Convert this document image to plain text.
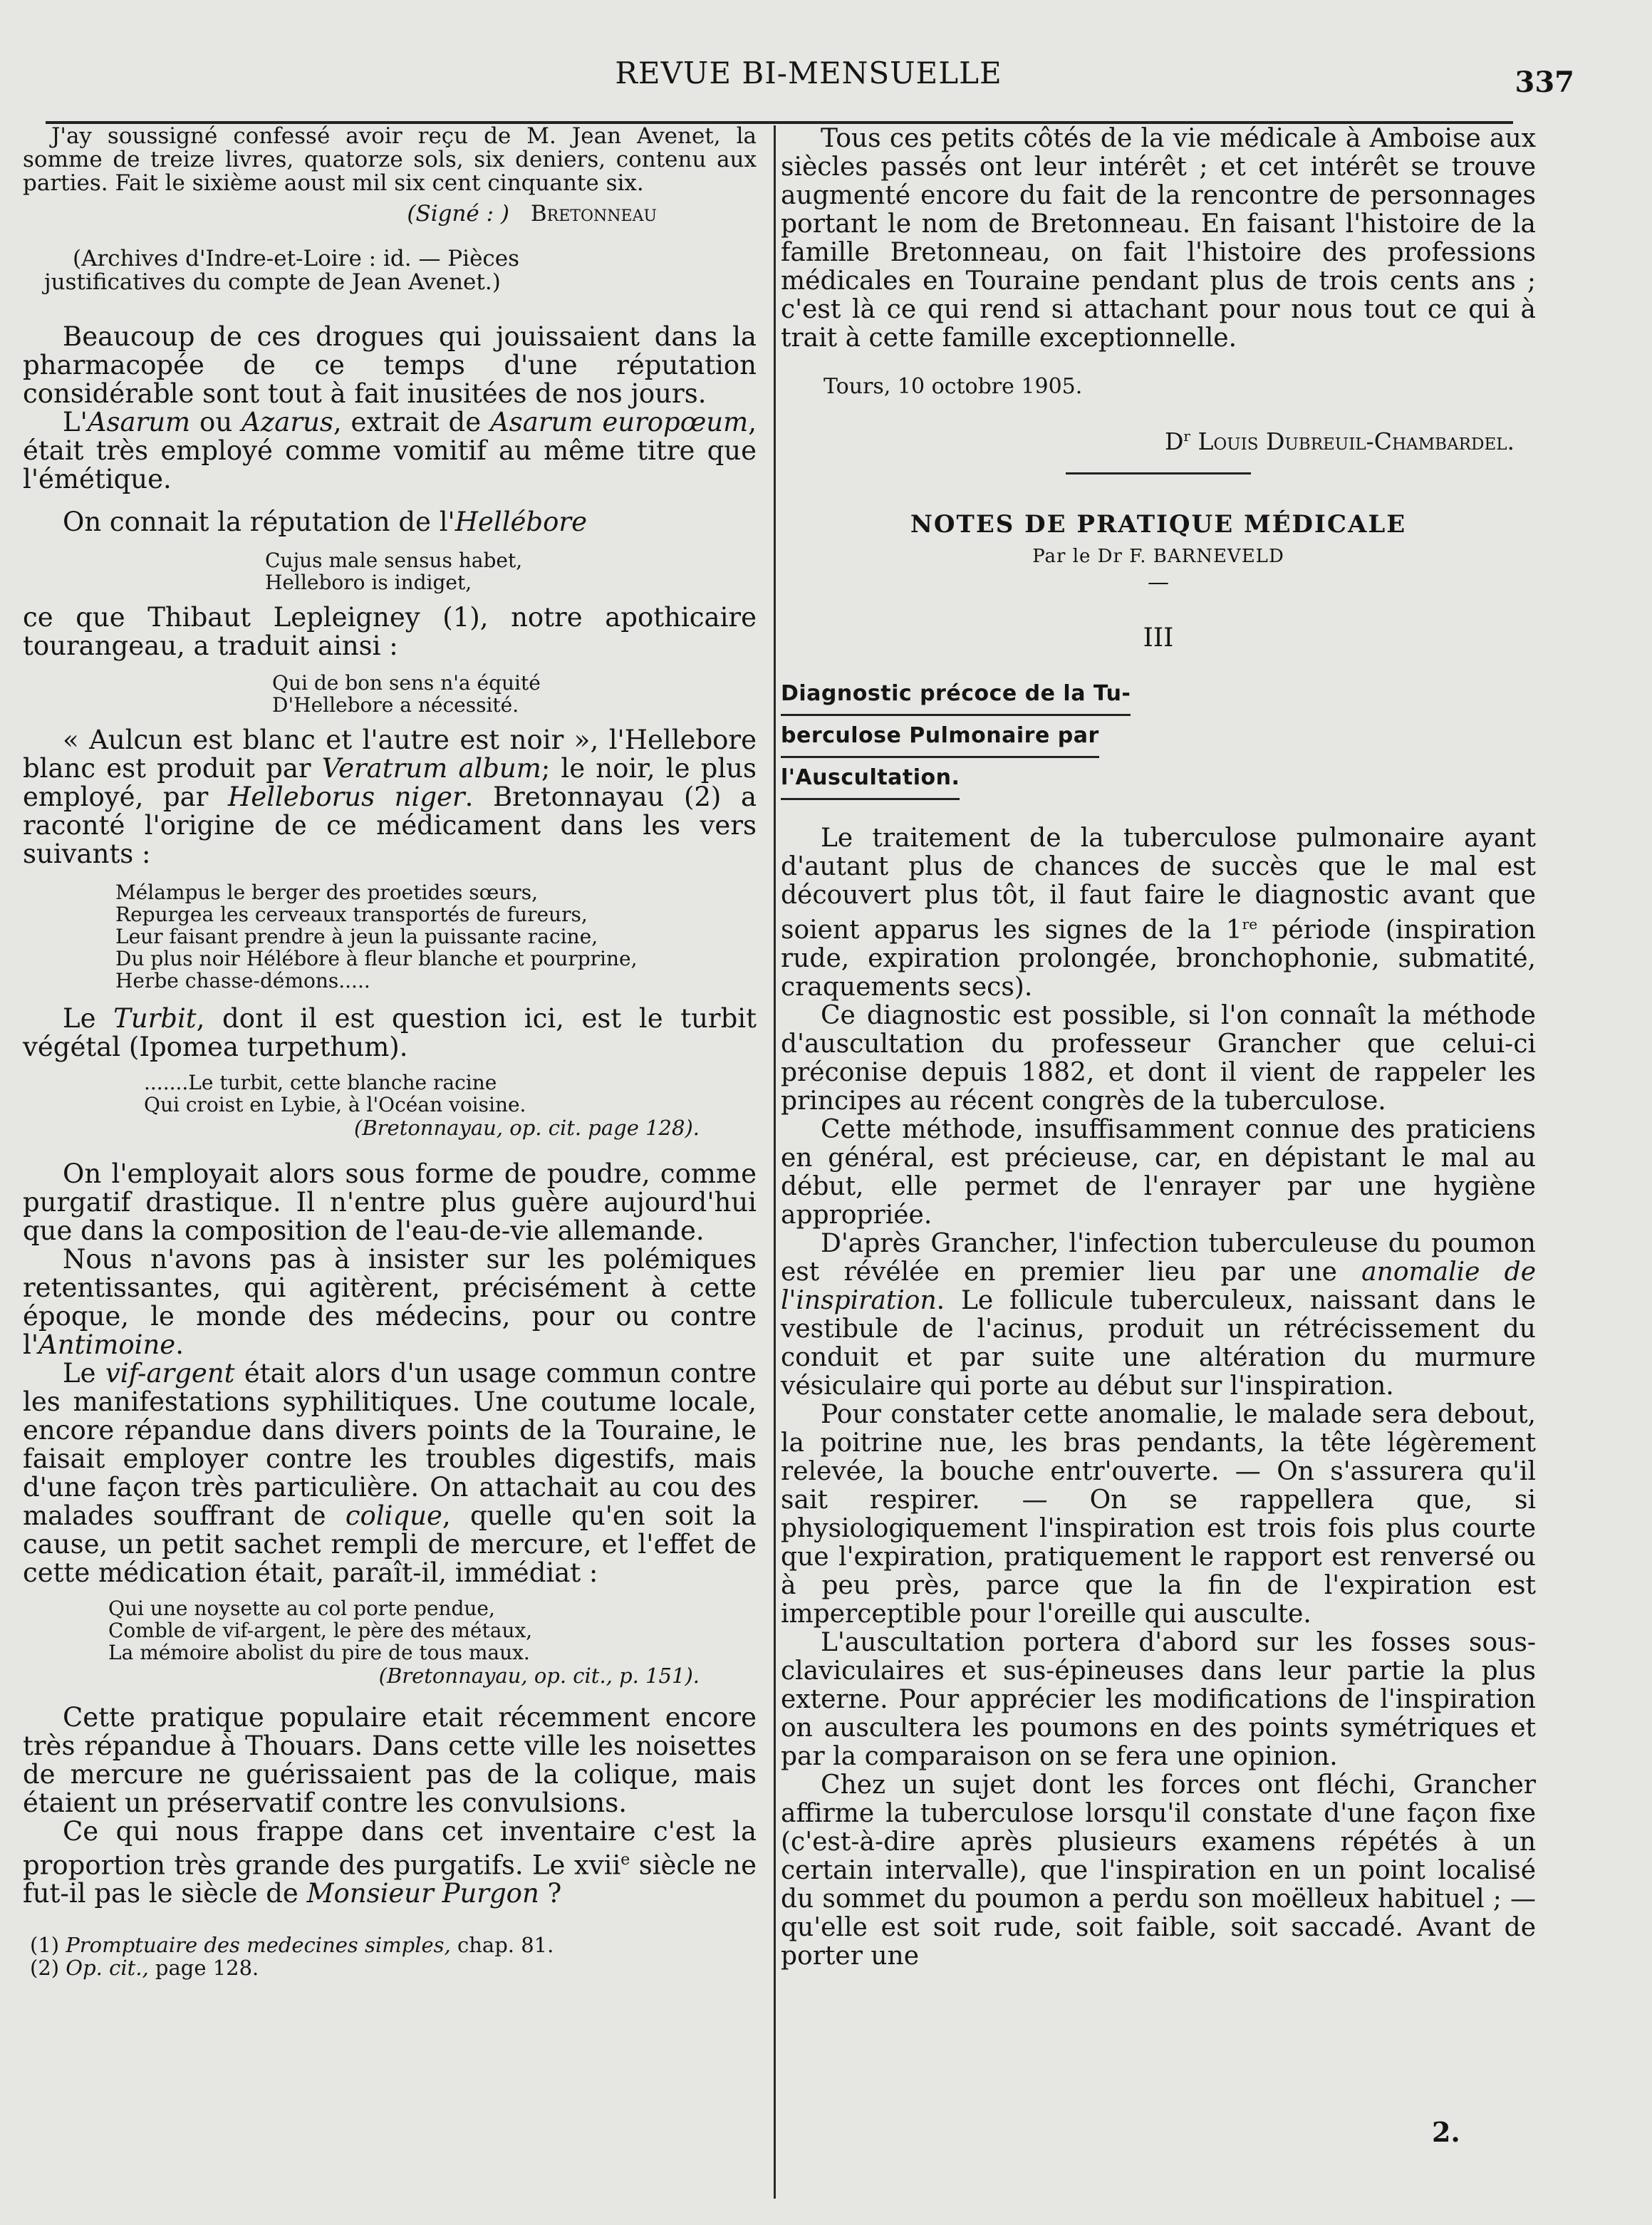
REVUE BI-MENSUELLE	337

J'ay soussigné confessé avoir reçu de M. Jean Avenet, la somme de treize livres, quatorze sols, six deniers, contenu aux parties. Fait le sixième aoust mil six cent cinquante six.

(Signé : ) Bretonneau

(Archives d'Indre-et-Loire : id. — Pièces justificatives du compte de Jean Avenet.)

Beaucoup de ces drogues qui jouissaient dans la pharmacopée de ce temps d'une réputation considérable sont tout à fait inusitées de nos jours.

L'Asarum ou Azarus, extrait de Asarum europœum, était très employé comme vomitif au même titre que l'émétique.

On connait la réputation de l'Hellébore

Cujus male sensus habet,
Helleboro is indiget,

ce que Thibaut Lepleigney (1), notre apothicaire tourangeau, a traduit ainsi :

Qui de bon sens n'a équité
D'Hellebore a nécessité.

« Aulcun est blanc et l'autre est noir », l'Hellebore blanc est produit par Veratrum album; le noir, le plus employé, par Helleborus niger. Bretonnayau (2) a raconté l'origine de ce médicament dans les vers suivants :

Mélampus le berger des proetides sœurs,
Repurgea les cerveaux transportés de fureurs,
Leur faisant prendre à jeun la puissante racine,
Du plus noir Hélébore à fleur blanche et pourprine,
Herbe chasse-démons.....

Le Turbit, dont il est question ici, est le turbit végétal (Ipomea turpethum).

.......Le turbit, cette blanche racine
Qui croist en Lybie, à l'Océan voisine.

(Bretonnayau, op. cit. page 128).

On l'employait alors sous forme de poudre, comme purgatif drastique. Il n'entre plus guère aujourd'hui que dans la composition de l'eau-de-vie allemande.

Nous n'avons pas à insister sur les polémiques retentissantes, qui agitèrent, précisément à cette époque, le monde des médecins, pour ou contre l'Antimoine.

Le vif-argent était alors d'un usage commun contre les manifestations syphilitiques. Une coutume locale, encore répandue dans divers points de la Touraine, le faisait employer contre les troubles digestifs, mais d'une façon très particulière. On attachait au cou des malades souffrant de colique, quelle qu'en soit la cause, un petit sachet rempli de mercure, et l'effet de cette médication était, paraît-il, immédiat :

Qui une noysette au col porte pendue,
Comble de vif-argent, le père des métaux,
La mémoire abolist du pire de tous maux.

(Bretonnayau, op. cit., p. 151).

Cette pratique populaire etait récemment encore très répandue à Thouars. Dans cette ville les noisettes de mercure ne guérissaient pas de la colique, mais étaient un préservatif contre les convulsions.

Ce qui nous frappe dans cet inventaire c'est la proportion très grande des purgatifs. Le xvii$^e$ siècle ne fut-il pas le siècle de Monsieur Purgon ?

(1) Promptuaire des medecines simples, chap. 81.

(2) Op. cit., page 128.

Tous ces petits côtés de la vie médicale à Amboise aux siècles passés ont leur intérêt ; et cet intérêt se trouve augmenté encore du fait de la rencontre de personnages portant le nom de Bretonneau. En faisant l'histoire de la famille Bretonneau, on fait l'histoire des professions médicales en Touraine pendant plus de trois cents ans ; c'est là ce qui rend si attachant pour nous tout ce qui à trait à cette famille exceptionnelle.

Tours, 10 octobre 1905.

$D^r$ Louis Dubreuil-Chambardel.

NOTES DE PRATIQUE MÉDICALE
Par le Dr F. BARNEVELD
—
III
Diagnostic précoce de la Tu-
berculose Pulmonaire par
l'Auscultation.

Le traitement de la tuberculose pulmonaire ayant d'autant plus de chances de succès que le mal est découvert plus tôt, il faut faire le diagnostic avant que soient apparus les signes de la 1re période (inspiration rude, expiration prolongée, bronchophonie, submatité, craquements secs).

Ce diagnostic est possible, si l'on connaît la méthode d'auscultation du professeur Grancher que celui-ci préconise depuis 1882, et dont il vient de rappeler les principes au récent congrès de la tuberculose.

Cette méthode, insuffisamment connue des praticiens en général, est précieuse, car, en dépistant le mal au début, elle permet de l'enrayer par une hygiène appropriée.

D'après Grancher, l'infection tuberculeuse du poumon est révélée en premier lieu par une anomalie de l'inspiration. Le follicule tuberculeux, naissant dans le vestibule de l'acinus, produit un rétrécissement du conduit et par suite une altération du murmure vésiculaire qui porte au début sur l'inspiration.

Pour constater cette anomalie, le malade sera debout, la poitrine nue, les bras pendants, la tête légèrement relevée, la bouche entr'ouverte. — On s'assurera qu'il sait respirer. — On se rappellera que, si physiologiquement l'inspiration est trois fois plus courte que l'expiration, pratiquement le rapport est renversé ou à peu près, parce que la fin de l'expiration est imperceptible pour l'oreille qui ausculte.

L'auscultation portera d'abord sur les fosses sous-claviculaires et sus-épineuses dans leur partie la plus externe. Pour apprécier les modifications de l'inspiration on auscultera les poumons en des points symétriques et par la comparaison on se fera une opinion.

Chez un sujet dont les forces ont fléchi, Grancher affirme la tuberculose lorsqu'il constate d'une façon fixe (c'est-à-dire après plusieurs examens répétés à un certain intervalle), que l'inspiration en un point localisé du sommet du poumon a perdu son moëlleux habituel ; — qu'elle est soit rude, soit faible, soit saccadé. Avant de porter une

2.
